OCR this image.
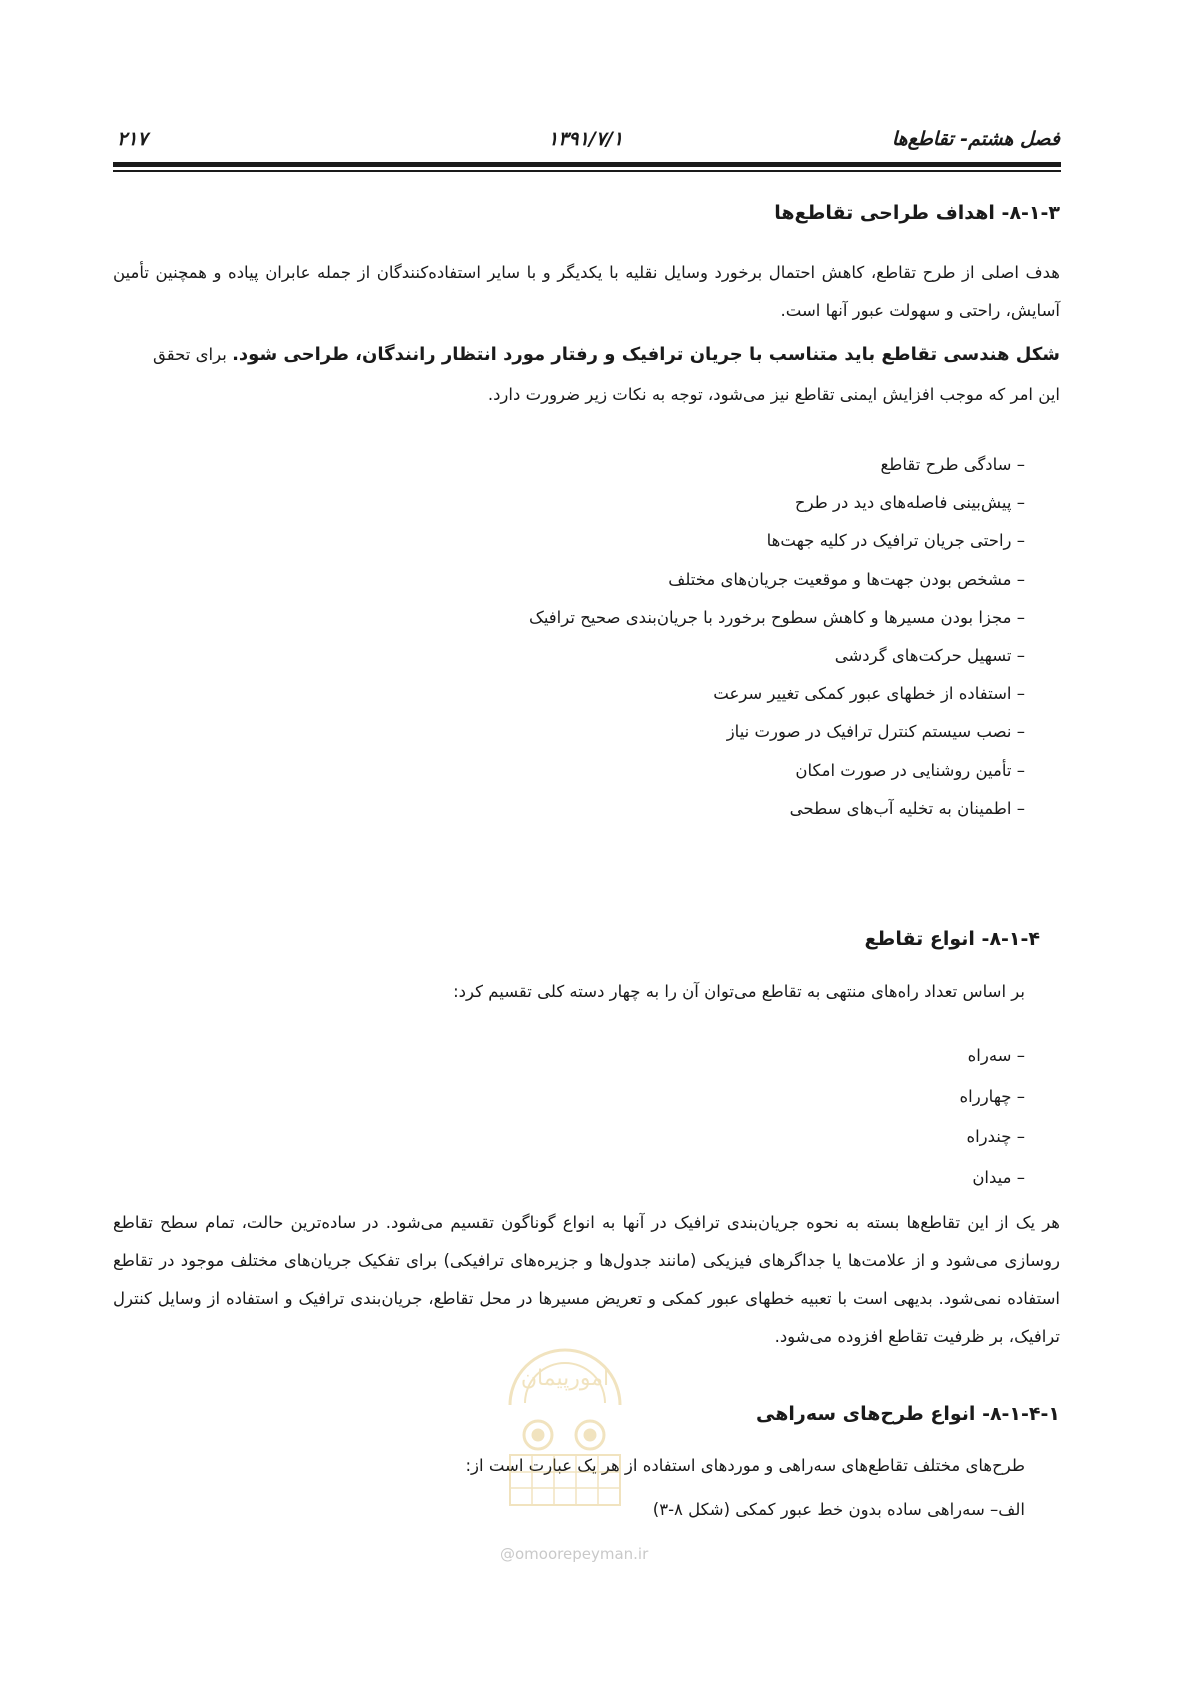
فصل هشتم- تقاطع‌ها
۱۳۹۱/۷/۱
۲۱۷
۸-۱-۳- اهداف طراحی تقاطع‌ها
هدف اصلی از طرح تقاطع، کاهش احتمال برخورد وسایل نقلیه با یکدیگر و با سایر استفاده‌کنندگان از جمله عابران پیاده و همچنین تأمین آسایش، راحتی و سهولت عبور آنها است.
شکل هندسی تقاطع باید متناسب با جریان ترافیک و رفتار مورد انتظار رانندگان، طراحی شود. برای تحقق
این امر که موجب افزایش ایمنی تقاطع نیز می‌شود، توجه به نکات زیر ضرورت دارد.
– سادگی طرح تقاطع
– پیش‌بینی فاصله‌های دید در طرح
– راحتی جریان ترافیک در کلیه جهت‌ها
– مشخص بودن جهت‌ها و موقعیت جریان‌های مختلف
– مجزا بودن مسیرها و کاهش سطوح برخورد با جریان‌بندی صحیح ترافیک
– تسهیل حرکت‌های گردشی
– استفاده از خطهای عبور کمکی تغییر سرعت
– نصب سیستم کنترل ترافیک در صورت نیاز
– تأمین روشنایی در صورت امکان
– اطمینان به تخلیه آب‌های سطحی
۸-۱-۴- انواع تقاطع
بر اساس تعداد راه‌های منتهی به تقاطع می‌توان آن را به چهار دسته کلی تقسیم کرد:
– سه‌راه
– چهارراه
– چندراه
– میدان
هر یک از این تقاطع‌ها بسته به نحوه جریان‌بندی ترافیک در آنها به انواع گوناگون تقسیم می‌شود. در ساده‌ترین حالت، تمام سطح تقاطع روسازی می‌شود و از علامت‌ها یا جداگرهای فیزیکی (مانند جدول‌ها و جزیره‌های ترافیکی) برای تفکیک جریان‌های مختلف موجود در تقاطع استفاده نمی‌شود. بدیهی است با تعبیه خطهای عبور کمکی و تعریض مسیرها در محل تقاطع، جریان‌بندی ترافیک و استفاده از وسایل کنترل ترافیک، بر ظرفیت تقاطع افزوده می‌شود.
۸-۱-۴-۱- انواع طرح‌های سه‌راهی
طرح‌های مختلف تقاطع‌های سه‌راهی و موردهای استفاده از هر یک عبارت است از:
الف– سه‌راهی ساده بدون خط عبور کمکی (شکل ۸-۳)
امورپیمان
@omoorepeyman.ir
